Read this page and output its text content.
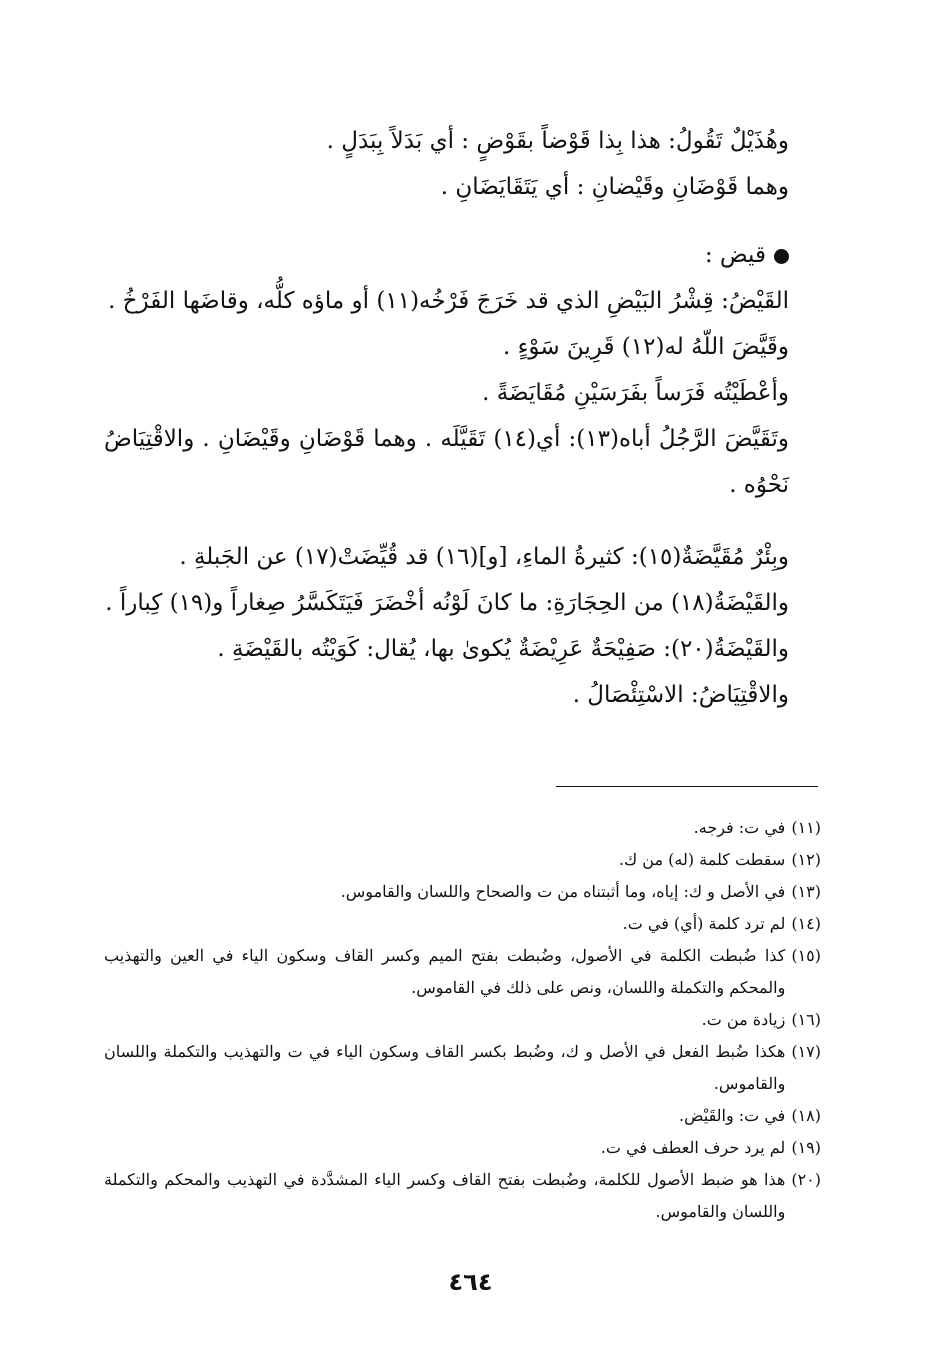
وهُذَيْلٌ تَقُولُ: هذا بِذا قَوْضاً بقَوْضٍ : أي بَدَلاً بِبَدَلٍ .

وهما قَوْضَانِ وقَيْضانِ : أي يَتَقَايَضَانِ .

قيض :

القَيْضُ: قِشْرُ البَيْضِ الذي قد خَرَجَ فَرْخُه(١١) أو ماؤه كلُّه، وقاضَها الفَرْخُ .

وقَيَّضَ اللّهُ له(١٢) قَرِينَ سَوْءٍ .

وأعْطَيْتُه فَرَساً بفَرَسَيْنِ مُقَايَضَةً .

وتَقَيَّضَ الرَّجُلُ أباه(١٣): أي(١٤) تَقَيَّلَه . وهما قَوْضَانِ وقَيْضَانِ . والاقْتِيَاضُ نَحْوُه .

وبِئْرٌ مُقَيَّضَةٌ(١٥): كثيرةُ الماءِ، [و](١٦) قد قُيِّضَتْ(١٧) عن الجَبلةِ .

والقَيْضَةُ(١٨) من الحِجَارَةِ: ما كانَ لَوْنُه أخْضَرَ فَيَتَكَسَّرُ صِغاراً و(١٩) كِباراً .

والقَيْضَةُ(٢٠): صَفِيْحَةٌ عَرِيْضَةٌ يُكوىٰ بها، يُقال: كَوَيْتُه بالقَيْضَةِ .

والاقْتِيَاضُ: الاسْتِئْصَالُ .

(١١)
في ت: فرجه.
(١٢)
سقطت كلمة (له) من ك.
(١٣)
في الأصل و ك: إياه، وما أثبتناه من ت والصحاح واللسان والقاموس.
(١٤)
لم ترد كلمة (أي) في ت.
(١٥)
كذا ضُبطت الكلمة في الأصول، وضُبطت بفتح الميم وكسر القاف وسكون الياء في العين والتهذيب والمحكم والتكملة واللسان، ونص على ذلك في القاموس.
(١٦)
زيادة من ت.
(١٧)
هكذا ضُبط الفعل في الأصل و ك، وضُبط بكسر القاف وسكون الياء في ت والتهذيب والتكملة واللسان والقاموس.
(١٨)
في ت: والقَيْض.
(١٩)
لم يرد حرف العطف في ت.
(٢٠)
هذا هو ضبط الأصول للكلمة، وضُبطت بفتح القاف وكسر الياء المشدَّدة في التهذيب والمحكم والتكملة واللسان والقاموس.
٤٦٤
